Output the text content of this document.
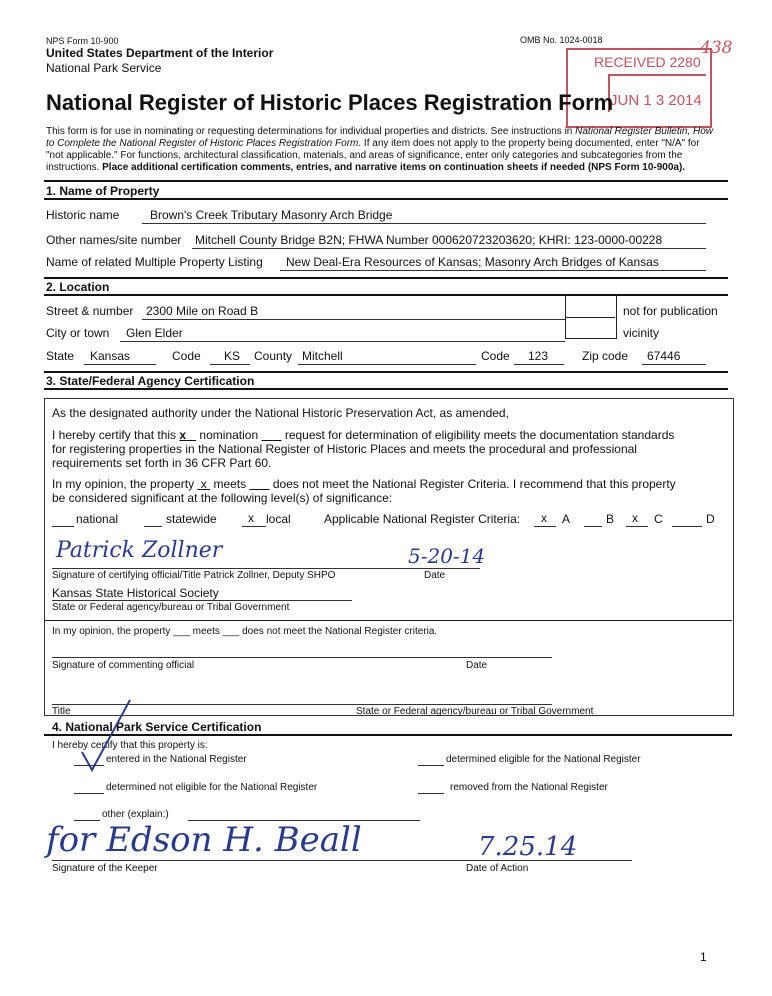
NPS Form 10-900
United States Department of the Interior
National Park Service
OMB No. 1024-0018	438
RECEIVED 2280
JUN 1 3 2014
National Register of Historic Places Registration Form
This form is for use in nominating or requesting determinations for individual properties and districts. See instructions in National Register Bulletin, How
to Complete the National Register of Historic Places Registration Form. If any item does not apply to the property being documented, enter "N/A" for
"not applicable." For functions, architectural classification, materials, and areas of significance, enter only categories and subcategories from the
instructions. Place additional certification comments, entries, and narrative items on continuation sheets if needed (NPS Form 10-900a).
1. Name of Property
Historic name	Brown's Creek Tributary Masonry Arch Bridge
Other names/site number Mitchell County Bridge B2N; FHWA Number 000620723203620; KHRI: 123-0000-00228
Name of related Multiple Property Listing New Deal-Era Resources of Kansas; Masonry Arch Bridges of Kansas
2. Location
Street & number 2300 Mile on Road B	not for publication
City or town Glen Elder	vicinity
State Kansas	Code KS County Mitchell	Code 123	Zip code 67446
3. State/Federal Agency Certification
As the designated authority under the National Historic Preservation Act, as amended,
I hereby certify that this x    nomination        request for determination of eligibility meets the documentation standards
for registering properties in the National Register of Historic Places and meets the procedural and professional
requirements set forth in 36 CFR Part 60.
In my opinion, the property  x  meets        does not meet the National Register Criteria. I recommend that this property
be considered significant at the following level(s) of significance:
national	statewide	x local	Applicable National Register Criteria: x A	B x C	D
Patrick Zollner	5-20-14
Signature of certifying official/Title Patrick Zollner, Deputy SHPO	Date
Kansas State Historical Society
State or Federal agency/bureau or Tribal Government
In my opinion, the property ___ meets ___ does not meet the National Register criteria.
Signature of commenting official	Date
Title	State or Federal agency/bureau or Tribal Government
4. National Park Service Certification
I hereby certify that this property is:
entered in the National Register	determined eligible for the National Register
determined not eligible for the National Register	removed from the National Register
other (explain:)
for Edson H. Beall	7.25.14
Signature of the Keeper	Date of Action
1
